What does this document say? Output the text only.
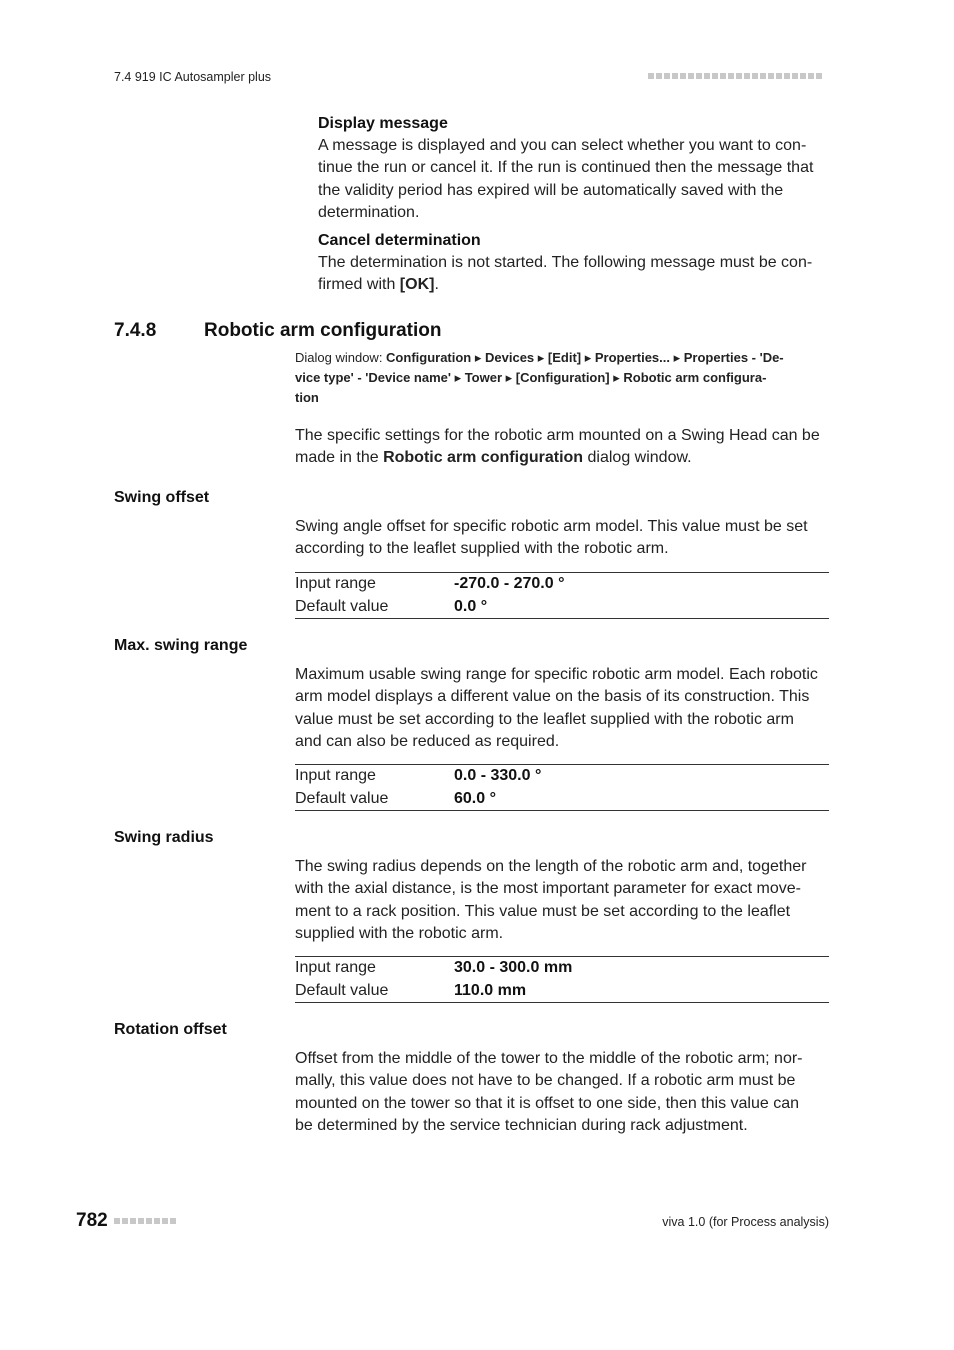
7.4 919 IC Autosampler plus
Display message

A message is displayed and you can select whether you want to con-

tinue the run or cancel it. If the run is continued then the message that

the validity period has expired will be automatically saved with the

determination.

Cancel determination

The determination is not started. The following message must be con-

firmed with [OK].

7.4.8	Robotic arm configuration
Dialog window: Configuration ▸ Devices ▸ [Edit] ▸ Properties... ▸ Properties - 'De-
vice type' - 'Device name' ▸ Tower ▸ [Configuration] ▸ Robotic arm configura-
tion

The specific settings for the robotic arm mounted on a Swing Head can be

made in the Robotic arm configuration dialog window.

Swing offset

Swing angle offset for specific robotic arm model. This value must be set

according to the leaflet supplied with the robotic arm.

Input range	-270.0 - 270.0 °
Default value	0.0 °
Max. swing range

Maximum usable swing range for specific robotic arm model. Each robotic

arm model displays a different value on the basis of its construction. This

value must be set according to the leaflet supplied with the robotic arm

and can also be reduced as required.

Input range	0.0 - 330.0 °
Default value	60.0 °
Swing radius

The swing radius depends on the length of the robotic arm and, together

with the axial distance, is the most important parameter for exact move-

ment to a rack position. This value must be set according to the leaflet

supplied with the robotic arm.

Input range	30.0 - 300.0 mm
Default value	110.0 mm
Rotation offset

Offset from the middle of the tower to the middle of the robotic arm; nor-

mally, this value does not have to be changed. If a robotic arm must be

mounted on the tower so that it is offset to one side, then this value can

be determined by the service technician during rack adjustment.

782	viva 1.0 (for Process analysis)
